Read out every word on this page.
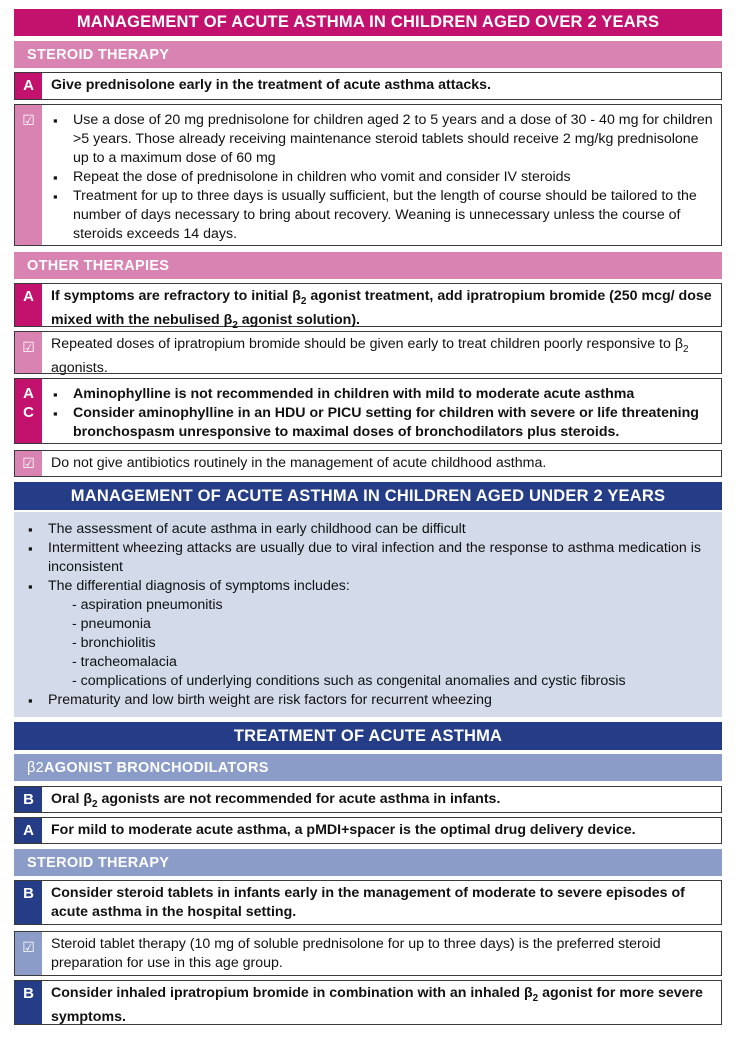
MANAGEMENT OF ACUTE ASTHMA IN CHILDREN AGED OVER 2 YEARS
STEROID THERAPY
A	Give prednisolone early in the treatment of acute asthma attacks.
☑
▪	Use a dose of 20 mg prednisolone for children aged 2 to 5 years and a dose of 30 - 40 mg for children >5 years. Those already receiving maintenance steroid tablets should receive 2 mg/kg prednisolone up to a maximum dose of 60 mg
▪ Repeat the dose of prednisolone in children who vomit and consider IV steroids
▪ Treatment for up to three days is usually sufficient, but the length of course should be tailored to the number of days necessary to bring about recovery. Weaning is unnecessary unless the course of steroids exceeds 14 days.
OTHER THERAPIES
A	If symptoms are refractory to initial $\beta_2$ agonist treatment, add ipratropium bromide (250 mcg/ dose mixed with the nebulised $\beta_2$ agonist solution).
☑	Repeated doses of ipratropium bromide should be given early to treat children poorly responsive to $\beta_2$ agonists.
A
C
▪ Aminophylline is not recommended in children with mild to moderate acute asthma
▪ Consider aminophylline in an HDU or PICU setting for children with severe or life threatening bronchospasm unresponsive to maximal doses of bronchodilators plus steroids.
☑	Do not give antibiotics routinely in the management of acute childhood asthma.
MANAGEMENT OF ACUTE ASTHMA IN CHILDREN AGED UNDER 2 YEARS
▪ The assessment of acute asthma in early childhood can be difficult
▪ Intermittent wheezing attacks are usually due to viral infection and the response to asthma medication is inconsistent
▪ The differential diagnosis of symptoms includes:
- aspiration pneumonitis
- pneumonia
- bronchiolitis
- tracheomalacia
- complications of underlying conditions such as congenital anomalies and cystic fibrosis
▪ Prematurity and low birth weight are risk factors for recurrent wheezing
TREATMENT OF ACUTE ASTHMA
β2 AGONIST BRONCHODILATORS
B	Oral $\beta_2$ agonists are not recommended for acute asthma in infants.
A	For mild to moderate acute asthma, a pMDI+spacer is the optimal drug delivery device.
STEROID THERAPY
B	Consider steroid tablets in infants early in the management of moderate to severe episodes of acute asthma in the hospital setting.
☑	Steroid tablet therapy (10 mg of soluble prednisolone for up to three days) is the preferred steroid preparation for use in this age group.
B	Consider inhaled ipratropium bromide in combination with an inhaled $\beta_2$ agonist for more severe symptoms.
